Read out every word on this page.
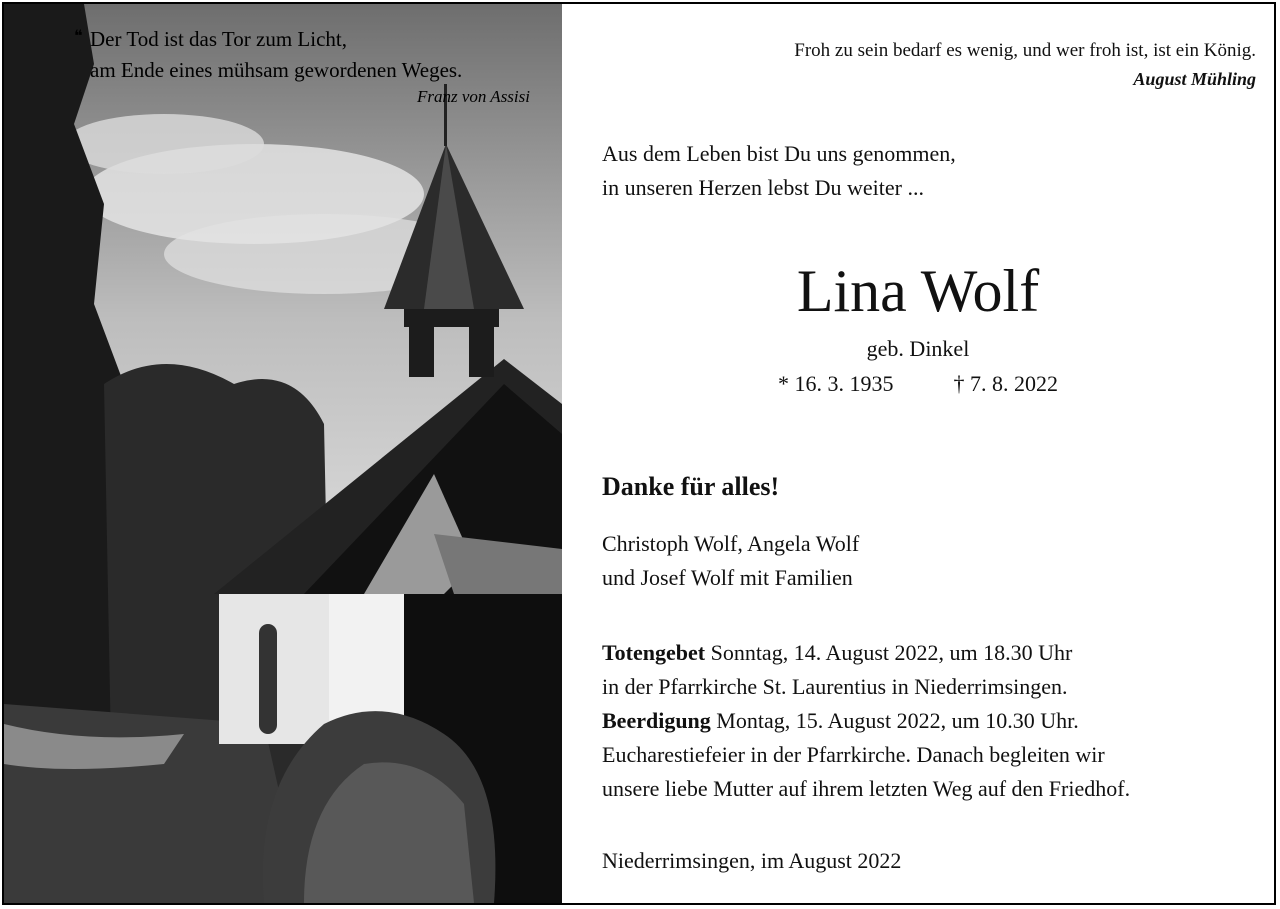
❝ Der Tod ist das Tor zum Licht,
am Ende eines mühsam gewordenen Weges.
Franz von Assisi
Froh zu sein bedarf es wenig, und wer froh ist, ist ein König.
August Mühling
Aus dem Leben bist Du uns genommen,
in unseren Herzen lebst Du weiter ...
Lina Wolf
geb. Dinkel
* 16. 3. 1935	† 7. 8. 2022
Danke für alles!
Christoph Wolf, Angela Wolf
und Josef Wolf mit Familien
Totengebet Sonntag, 14. August 2022, um 18.30 Uhr
in der Pfarrkirche St. Laurentius in Niederrimsingen.
Beerdigung Montag, 15. August 2022, um 10.30 Uhr.
Eucharestiefeier in der Pfarrkirche. Danach begleiten wir
unsere liebe Mutter auf ihrem letzten Weg auf den Friedhof.
Niederrimsingen, im August 2022
